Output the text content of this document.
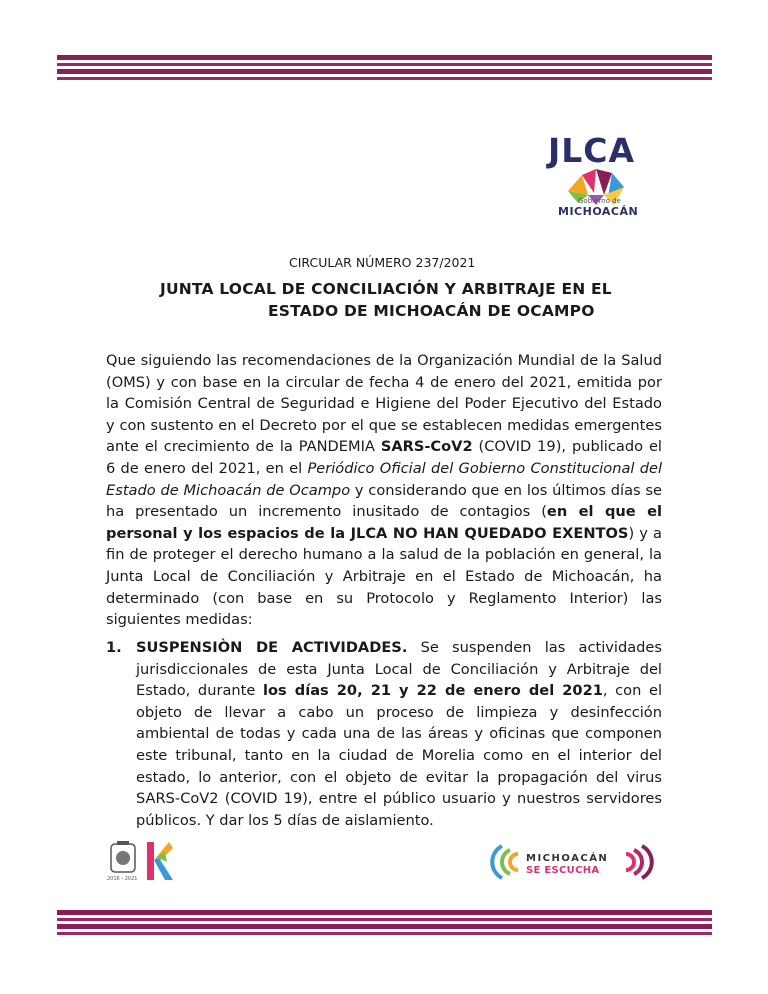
JLCA
Gobierno de
MICHOACÁN
CIRCULAR NÚMERO 237/2021
JUNTA LOCAL DE CONCILIACIÓN Y ARBITRAJE EN EL
ESTADO DE MICHOACÁN DE OCAMPO
Que siguiendo las recomendaciones de la Organización Mundial de la Salud (OMS) y con base en la circular de fecha 4 de enero del 2021, emitida por la Comisión Central de Seguridad e Higiene del Poder Ejecutivo del Estado y con sustento en el Decreto por el que se establecen medidas emergentes ante el crecimiento de la PANDEMIA SARS-CoV2 (COVID 19), publicado el 6 de enero del 2021, en el Periódico Oficial del Gobierno Constitucional del Estado de Michoacán de Ocampo y considerando que en los últimos días se ha presentado un incremento inusitado de contagios (en el que el personal y los espacios de la JLCA NO HAN QUEDADO EXENTOS) y a fin de proteger el derecho humano a la salud de la población en general, la Junta Local de Conciliación y Arbitraje en el Estado de Michoacán, ha determinado (con base en su Protocolo y Reglamento Interior) las siguientes medidas:
1. SUSPENSIÒN DE ACTIVIDADES. Se suspenden las actividades jurisdiccionales de esta Junta Local de Conciliación y Arbitraje del Estado, durante los días 20, 21 y 22 de enero del 2021, con el objeto de llevar a cabo un proceso de limpieza y desinfección ambiental de todas y cada una de las áreas y oficinas que componen este tribunal, tanto en la ciudad de Morelia como en el interior del estado, lo anterior, con el objeto de evitar la propagación del virus SARS-CoV2 (COVID 19), entre el público usuario y nuestros servidores públicos. Y dar los 5 días de aislamiento.
2016 - 2021
MICHOACÁN
SE ESCUCHA
